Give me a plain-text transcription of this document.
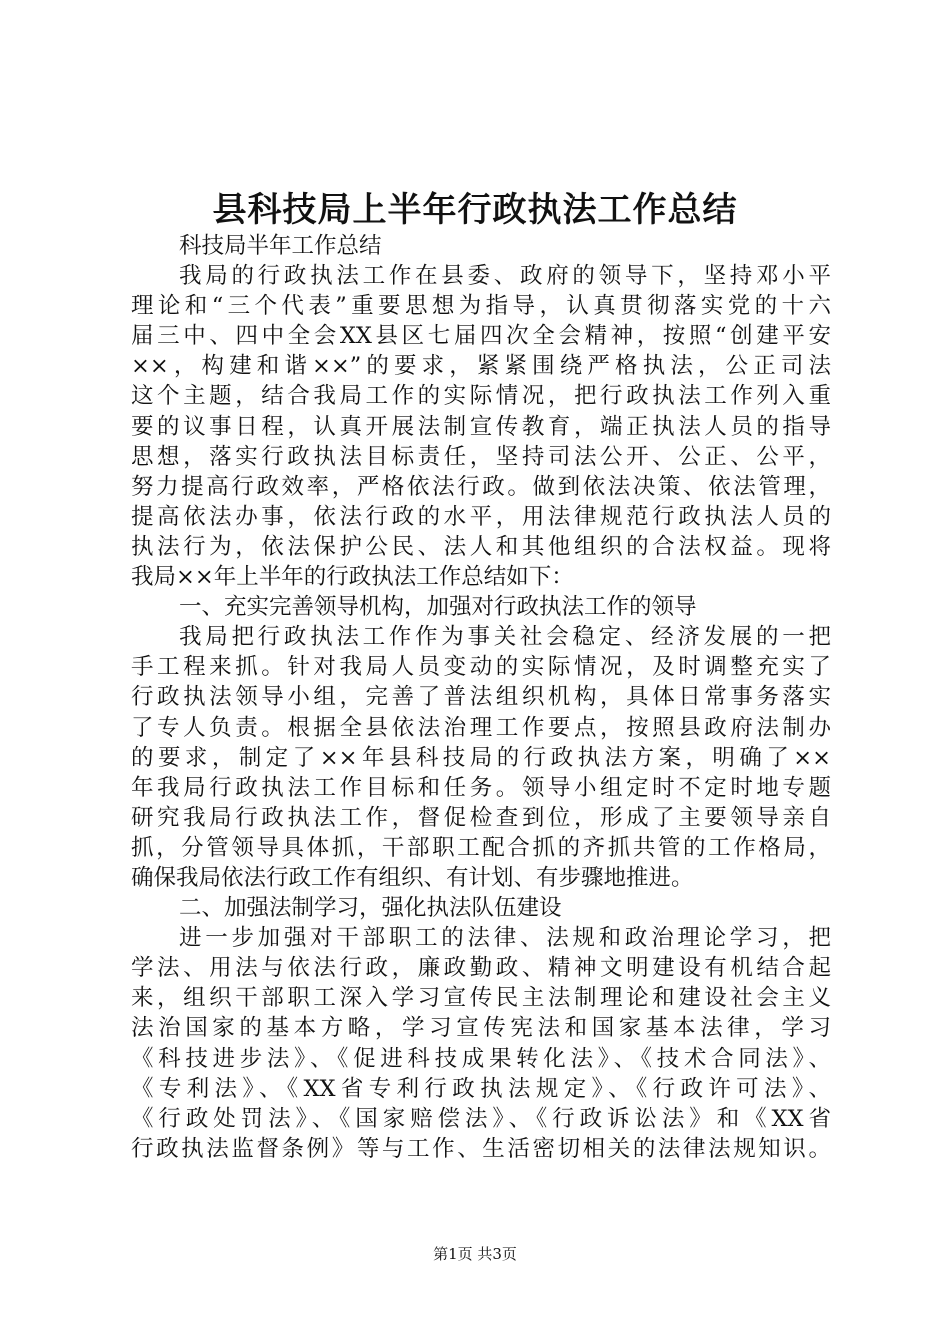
县科技局上半年行政执法工作总结
科技局半年工作总结
我局的行政执法工作在县委、政府的领导下，坚持邓小平
理论和“三个代表”重要思想为指导，认真贯彻落实党的十六
届三中、四中全会XX县区七届四次全会精神，按照“创建平安
××，构建和谐××”的要求，紧紧围绕严格执法，公正司法
这个主题，结合我局工作的实际情况，把行政执法工作列入重
要的议事日程，认真开展法制宣传教育，端正执法人员的指导
思想，落实行政执法目标责任，坚持司法公开、公正、公平，
努力提高行政效率，严格依法行政。做到依法决策、依法管理，
提高依法办事，依法行政的水平，用法律规范行政执法人员的
执法行为，依法保护公民、法人和其他组织的合法权益。现将
我局××年上半年的行政执法工作总结如下：
一、充实完善领导机构，加强对行政执法工作的领导
我局把行政执法工作作为事关社会稳定、经济发展的一把
手工程来抓。针对我局人员变动的实际情况，及时调整充实了
行政执法领导小组，完善了普法组织机构，具体日常事务落实
了专人负责。根据全县依法治理工作要点，按照县政府法制办
的要求，制定了××年县科技局的行政执法方案，明确了××
年我局行政执法工作目标和任务。领导小组定时不定时地专题
研究我局行政执法工作，督促检查到位，形成了主要领导亲自
抓，分管领导具体抓，干部职工配合抓的齐抓共管的工作格局，
确保我局依法行政工作有组织、有计划、有步骤地推进。
二、加强法制学习，强化执法队伍建设
进一步加强对干部职工的法律、法规和政治理论学习，把
学法、用法与依法行政，廉政勤政、精神文明建设有机结合起
来，组织干部职工深入学习宣传民主法制理论和建设社会主义
法治国家的基本方略，学习宣传宪法和国家基本法律，学习
《科技进步法》、《促进科技成果转化法》、《技术合同法》、
《专利法》、《XX省专利行政执法规定》、《行政许可法》、
《行政处罚法》、《国家赔偿法》、《行政诉讼法》和《XX省
行政执法监督条例》等与工作、生活密切相关的法律法规知识。
第1页 共3页
